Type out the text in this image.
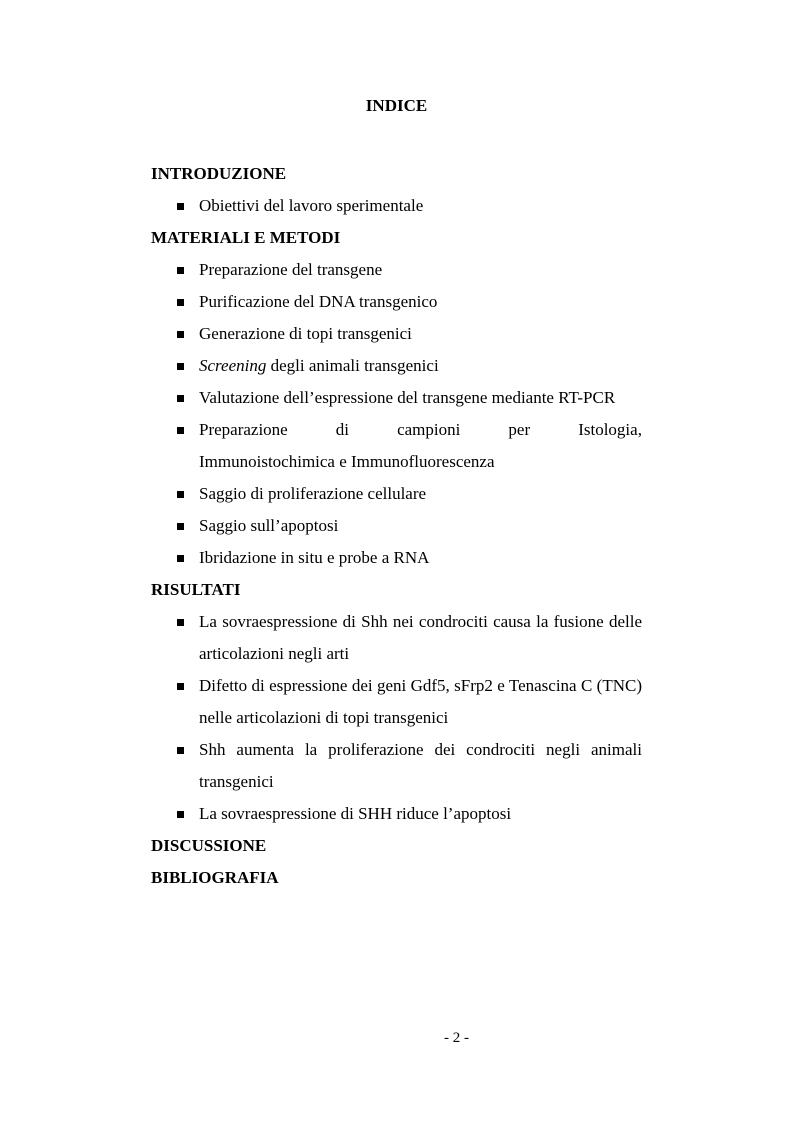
INDICE
INTRODUZIONE
Obiettivi del lavoro sperimentale
MATERIALI E METODI
Preparazione del transgene
Purificazione del DNA transgenico
Generazione di topi transgenici
Screening degli animali transgenici
Valutazione dell’espressione del transgene mediante RT-PCR
Preparazione	di	campioni	per	Istologia,
Immunoistochimica e Immunofluorescenza
Saggio di proliferazione cellulare
Saggio sull’apoptosi
Ibridazione in situ e probe a RNA
RISULTATI
La sovraespressione di Shh nei condrociti causa la fusione delle articolazioni negli arti
Difetto di espressione dei geni Gdf5, sFrp2 e Tenascina C (TNC) nelle articolazioni di topi transgenici
Shh aumenta la proliferazione dei condrociti negli animali transgenici
La sovraespressione di SHH riduce l’apoptosi
DISCUSSIONE
BIBLIOGRAFIA
- 2 -
